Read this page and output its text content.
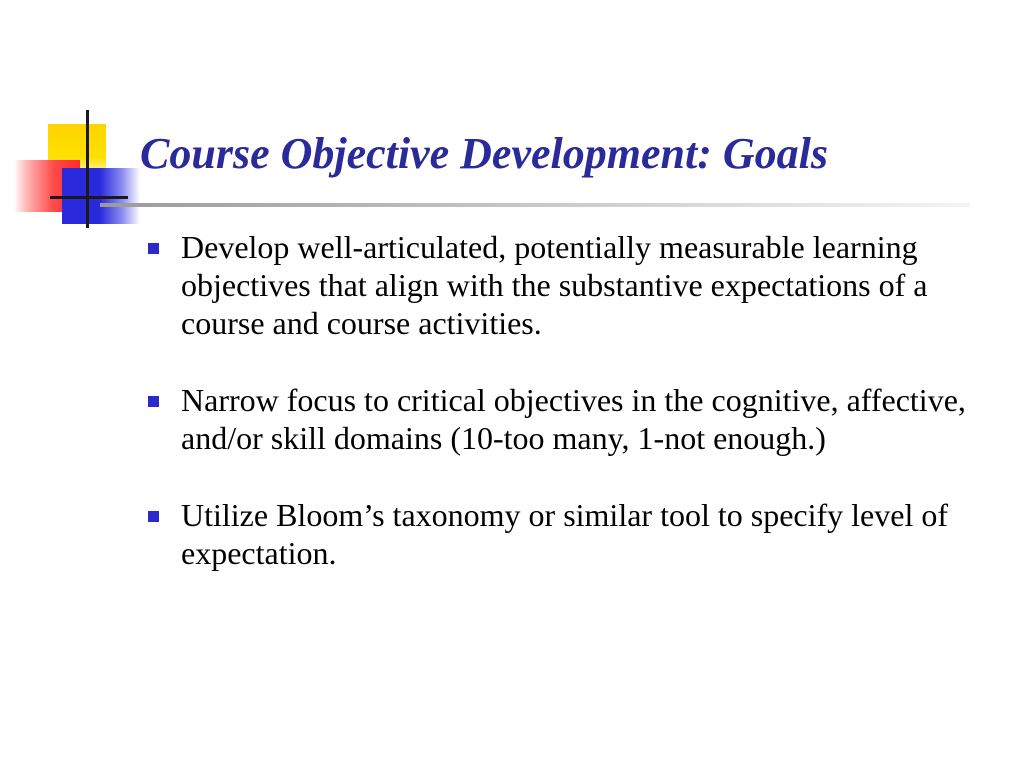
Course Objective Development: Goals
Develop well-articulated, potentially measurable learning objectives that align with the substantive expectations of a course and course activities.
Narrow focus to critical objectives in the cognitive, affective, and/or skill domains (10-too many, 1-not enough.)
Utilize Bloom’s taxonomy or similar tool to specify level of expectation.
